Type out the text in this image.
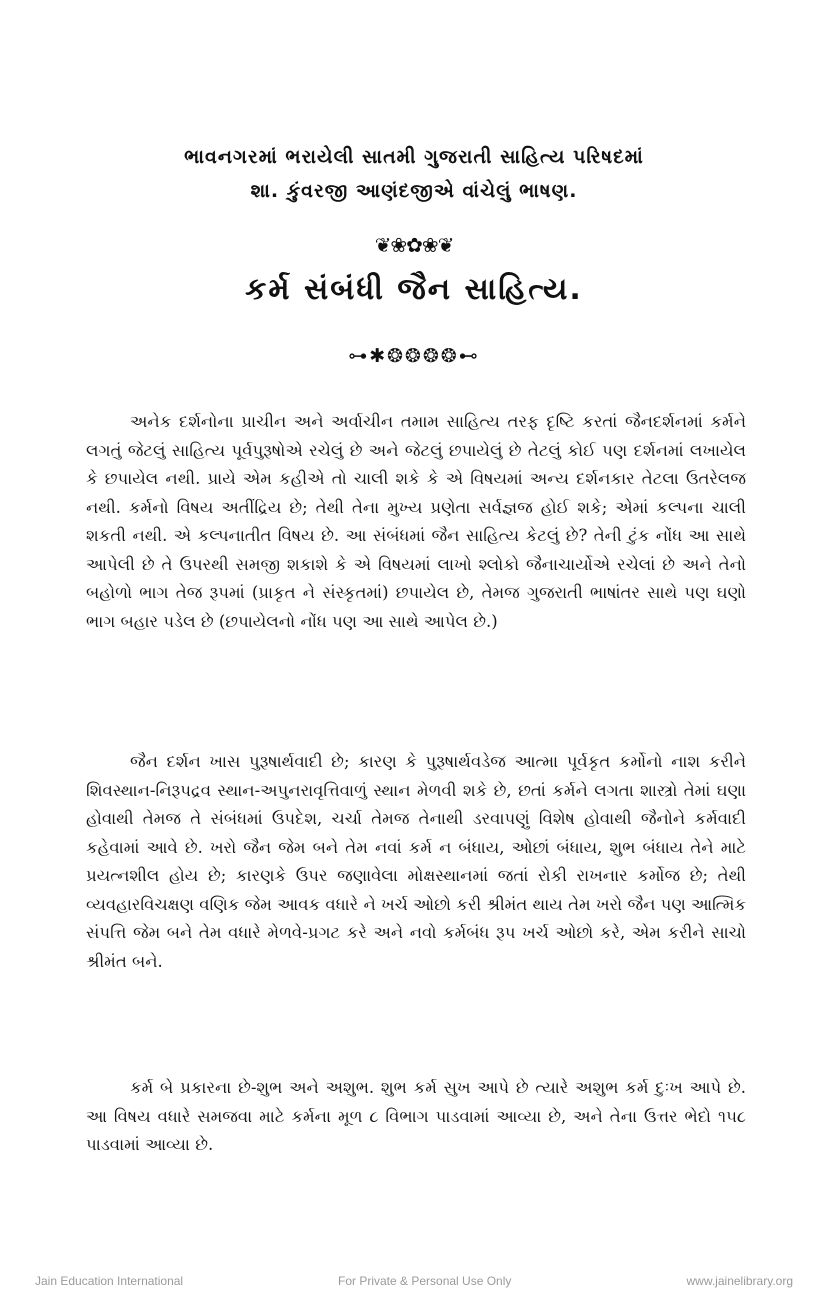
ભાવનગરમાં ભરાયેલી સાતમી ગુજરાતી સાહિત્ય પરિષદમાં
શા. કુંવરજી આણંદજીએ વાંચેલું ભાષણ.
❦❀✿❀❦
કર્મ સંબંધી જૈન સાહિત્ય.
⊶✱❂❂❂❂⊷

અનેક દર્શનોના પ્રાચીન અને અર્વાચીન તમામ સાહિત્ય તરફ દૃષ્ટિ કરતાં જૈનદર્શનમાં કર્મને લગતું જેટલું સાહિત્ય પૂર્વપુરૂષોએ રચેલું છે અને જેટલું છપાયેલું છે તેટલું કોઈ પણ દર્શનમાં લખાયેલ કે છપાયેલ નથી. પ્રાયે એમ કહીએ તો ચાલી શકે કે એ વિષયમાં અન્ય દર્શનકાર તેટલા ઉતરેલજ નથી. કર્મનો વિષય અતીંદ્રિય છે; તેથી તેના મુખ્ય પ્રણેતા સર્વજ્ઞજ હોઈ શકે; એમાં કલ્પના ચાલી શકતી નથી. એ કલ્પનાતીત વિષય છે. આ સંબંધમાં જૈન સાહિત્ય કેટલું છે? તેની ટુંક નોંધ આ સાથે આપેલી છે તે ઉપરથી સમજી શકાશે કે એ વિષયમાં લાખો શ્લોકો જૈનાચાર્યોએ રચેલાં છે અને તેનો બહોળો ભાગ તેજ રૂપમાં (પ્રાકૃત ને સંસ્કૃતમાં) છપાયેલ છે, તેમજ ગુજરાતી ભાષાંતર સાથે પણ ઘણો ભાગ બહાર પડેલ છે (છપાયેલનો નોંધ પણ આ સાથે આપેલ છે.)

જૈન દર્શન ખાસ પુરૂષાર્થવાદી છે; કારણ કે પુરૂષાર્થવડેજ આત્મા પૂર્વકૃત કર્મોનો નાશ કરીને શિવસ્થાન-નિરૂપદ્રવ સ્થાન-અપુનરાવૃત્તિવાળું સ્થાન મેળવી શકે છે, છતાં કર્મને લગતા શાસ્ત્રો તેમાં ઘણા હોવાથી તેમજ તે સંબંધમાં ઉપદેશ, ચર્ચા તેમજ તેનાથી ડરવાપણું વિશેષ હોવાથી જૈનોને કર્મવાદી કહેવામાં આવે છે. ખરો જૈન જેમ બને તેમ નવાં કર્મ ન બંધાય, ઓછાં બંધાય, શુભ બંધાય તેને માટે પ્રયત્નશીલ હોય છે; કારણકે ઉપર જણાવેલા મોક્ષસ્થાનમાં જતાં રોકી રાખનાર કર્મોજ છે; તેથી વ્યવહારવિચક્ષણ વણિક જેમ આવક વધારે ને ખર્ચ ઓછો કરી શ્રીમંત થાય તેમ ખરો જૈન પણ આત્મિક સંપત્તિ જેમ બને તેમ વધારે મેળવે-પ્રગટ કરે અને નવો કર્મબંધ રૂપ ખર્ચ ઓછો કરે, એમ કરીને સાચો શ્રીમંત બને.

કર્મ બે પ્રકારના છે-શુભ અને અશુભ. શુભ કર્મ સુખ આપે છે ત્યારે અશુભ કર્મ દુઃખ આપે છે. આ વિષય વધારે સમજવા માટે કર્મના મૂળ ૮ વિભાગ પાડવામાં આવ્યા છે, અને તેના ઉત્તર ભેદો ૧૫૮ પાડવામાં આવ્યા છે.

Jain Education International	For Private & Personal Use Only	www.jainelibrary.org
